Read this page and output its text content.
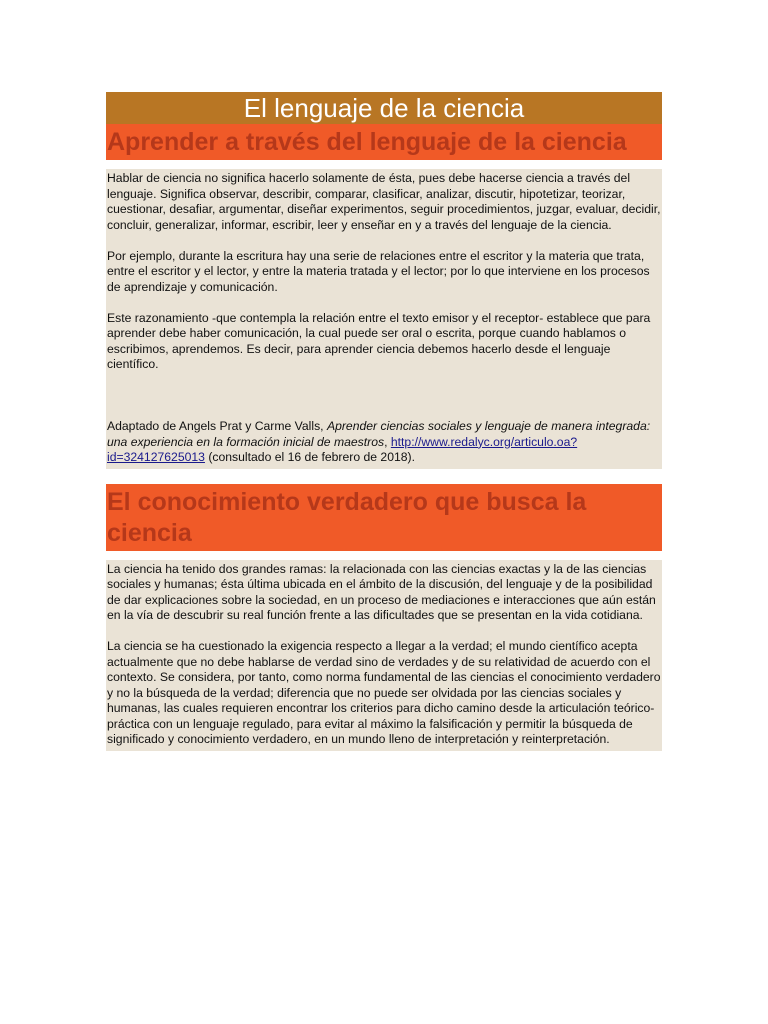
El lenguaje de la ciencia
Aprender a través del lenguaje de la ciencia

Hablar de ciencia no significa hacerlo solamente de ésta, pues debe hacerse ciencia a través del lenguaje. Significa observar, describir, comparar, clasificar, analizar, discutir, hipotetizar, teorizar, cuestionar, desafiar, argumentar, diseñar experimentos, seguir procedimientos, juzgar, evaluar, decidir, concluir, generalizar, informar, escribir, leer y enseñar en y a través del lenguaje de la ciencia.

Por ejemplo, durante la escritura hay una serie de relaciones entre el escritor y la materia que trata, entre el escritor y el lector, y entre la materia tratada y el lector; por lo que interviene en los procesos de aprendizaje y comunicación.

Este razonamiento -que contempla la relación entre el texto emisor y el receptor- establece que para aprender debe haber comunicación, la cual puede ser oral o escrita, porque cuando hablamos o escribimos, aprendemos. Es decir, para aprender ciencia debemos hacerlo desde el lenguaje científico.

Adaptado de Angels Prat y Carme Valls, Aprender ciencias sociales y lenguaje de manera integrada: una experiencia en la formación inicial de maestros, http://www.redalyc.org/articulo.oa?id=324127625013 (consultado el 16 de febrero de 2018).

El conocimiento verdadero que busca la ciencia

La ciencia ha tenido dos grandes ramas: la relacionada con las ciencias exactas y la de las ciencias sociales y humanas; ésta última ubicada en el ámbito de la discusión, del lenguaje y de la posibilidad de dar explicaciones sobre la sociedad, en un proceso de mediaciones e interacciones que aún están en la vía de descubrir su real función frente a las dificultades que se presentan en la vida cotidiana.

La ciencia se ha cuestionado la exigencia respecto a llegar a la verdad; el mundo científico acepta actualmente que no debe hablarse de verdad sino de verdades y de su relatividad de acuerdo con el contexto. Se considera, por tanto, como norma fundamental de las ciencias el conocimiento verdadero y no la búsqueda de la verdad; diferencia que no puede ser olvidada por las ciencias sociales y humanas, las cuales requieren encontrar los criterios para dicho camino desde la articulación teórico-práctica con un lenguaje regulado, para evitar al máximo la falsificación y permitir la búsqueda de significado y conocimiento verdadero, en un mundo lleno de interpretación y reinterpretación.
